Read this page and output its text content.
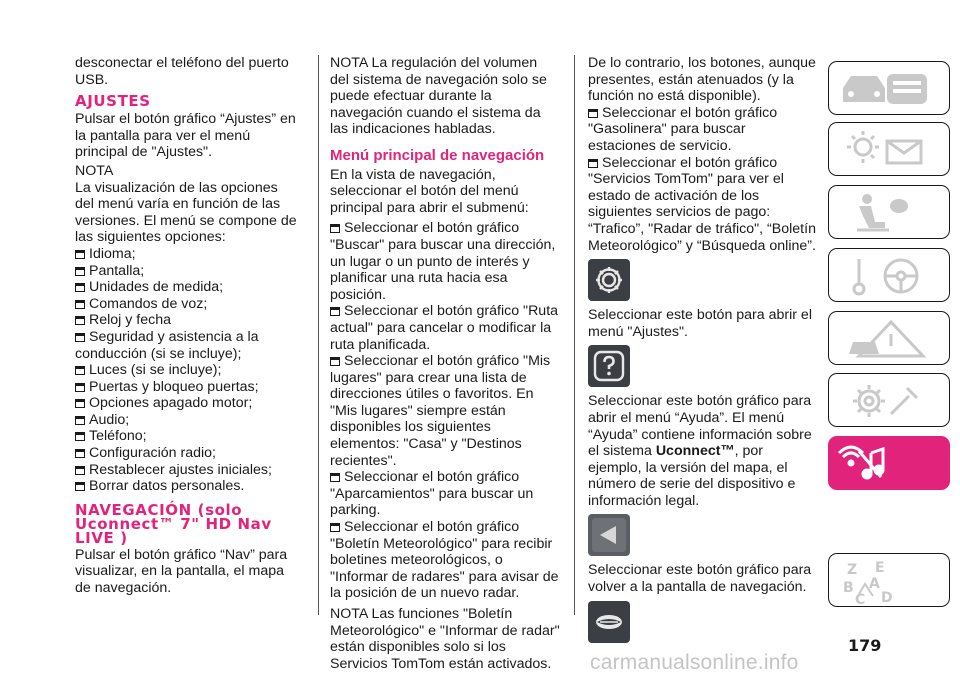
desconectar el teléfono del puerto USB.

AJUSTES

Pulsar el botón gráfico “Ajustes” en la pantalla para ver el menú principal de "Ajustes".

NOTA

La visualización de las opciones del menú varía en función de las versiones. El menú se compone de las siguientes opciones:

Idioma;
Pantalla;
Unidades de medida;
Comandos de voz;
Reloj y fecha
Seguridad y asistencia a la conducción (si se incluye);
Luces (si se incluye);
Puertas y bloqueo puertas;
Opciones apagado motor;
Audio;
Teléfono;
Configuración radio;
Restablecer ajustes iniciales;
Borrar datos personales.
NAVEGACIÓN (solo Uconnect™ 7" HD Nav LIVE )

Pulsar el botón gráfico “Nav” para visualizar, en la pantalla, el mapa de navegación.

NOTA La regulación del volumen del sistema de navegación solo se puede efectuar durante la navegación cuando el sistema da las indicaciones habladas.

Menú principal de navegación

En la vista de navegación, seleccionar el botón del menú principal para abrir el submenú:

Seleccionar el botón gráfico "Buscar" para buscar una dirección, un lugar o un punto de interés y planificar una ruta hacia esa posición.
Seleccionar el botón gráfico "Ruta actual" para cancelar o modificar la ruta planificada.
Seleccionar el botón gráfico "Mis lugares" para crear una lista de direcciones útiles o favoritos. En "Mis lugares" siempre están disponibles los siguientes elementos: "Casa" y "Destinos recientes".
Seleccionar el botón gráfico "Aparcamientos" para buscar un parking.
Seleccionar el botón gráfico "Boletín Meteorológico" para recibir boletines meteorológicos, o "Informar de radares" para avisar de la posición de un nuevo radar.

NOTA Las funciones "Boletín Meteorológico" e "Informar de radar" están disponibles solo si los Servicios TomTom están activados.

De lo contrario, los botones, aunque presentes, están atenuados (y la función no está disponible).

Seleccionar el botón gráfico "Gasolinera" para buscar estaciones de servicio.
Seleccionar el botón gráfico "Servicios TomTom" para ver el estado de activación de los siguientes servicios de pago: “Trafico”, "Radar de tráfico", “Boletín Meteorológico” y “Búsqueda online”.

Seleccionar este botón para abrir el menú "Ajustes".

Seleccionar este botón gráfico para abrir el menú “Ayuda”. El menú “Ayuda” contiene información sobre el sistema Uconnect™, por ejemplo, la versión del mapa, el número de serie del dispositivo e información legal.

Seleccionar este botón gráfico para volver a la pantalla de navegación.

Z E
B A
C D
179
carmanualsonline.info
